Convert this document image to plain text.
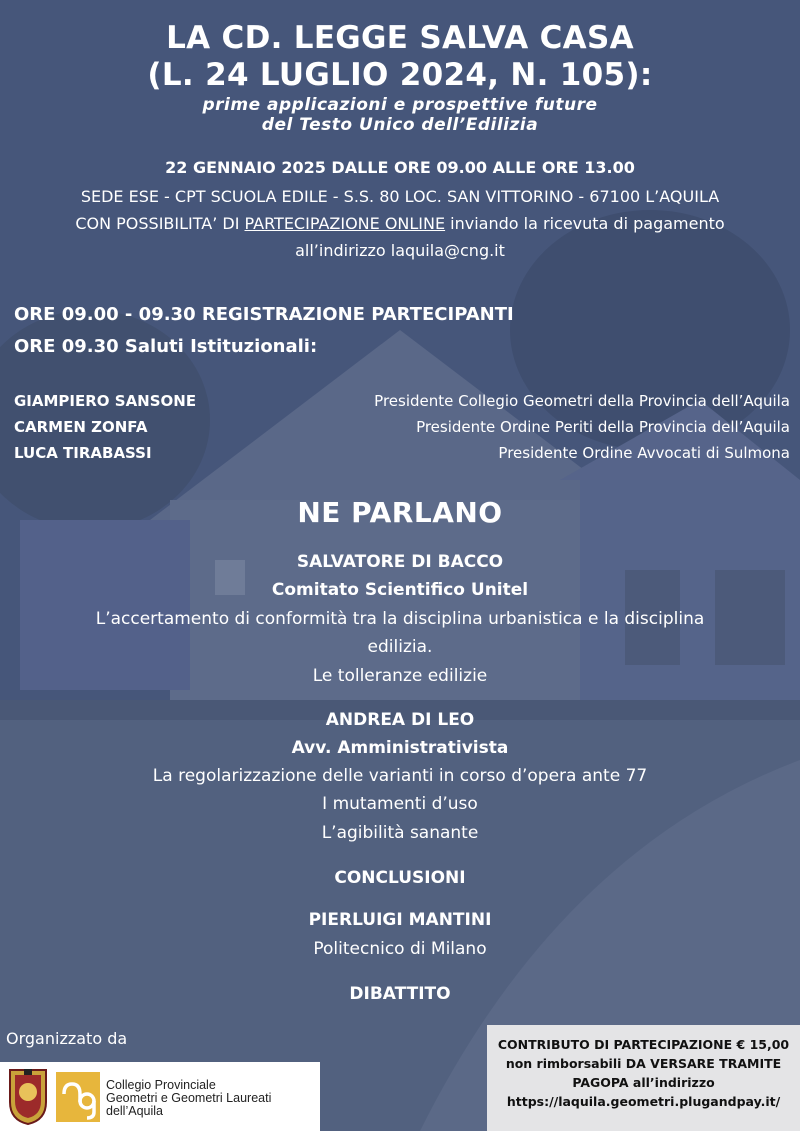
LA CD. LEGGE SALVA CASA
(L. 24 LUGLIO 2024, N. 105):
prime applicazioni e prospettive future
del Testo Unico dell’Edilizia
22 GENNAIO 2025 DALLE ORE 09.00 ALLE ORE 13.00
SEDE ESE - CPT SCUOLA EDILE - S.S. 80 LOC. SAN VITTORINO - 67100 L’AQUILA
CON POSSIBILITA’ DI PARTECIPAZIONE ONLINE inviando la ricevuta di pagamento
all’indirizzo laquila@cng.it
ORE 09.00 - 09.30 REGISTRAZIONE PARTECIPANTI
ORE 09.30 Saluti Istituzionali:
GIAMPIERO SANSONE	Presidente Collegio Geometri della Provincia dell’Aquila
CARMEN ZONFA	Presidente Ordine Periti della Provincia dell’Aquila
LUCA TIRABASSI	Presidente Ordine Avvocati di Sulmona
NE PARLANO
SALVATORE DI BACCO
Comitato Scientifico Unitel
L’accertamento di conformità tra la disciplina urbanistica e la disciplina
edilizia.
Le tolleranze edilizie
ANDREA DI LEO
Avv. Amministrativista
La regolarizzazione delle varianti in corso d’opera ante 77
I mutamenti d’uso
L’agibilità sanante
CONCLUSIONI
PIERLUIGI MANTINI
Politecnico di Milano
DIBATTITO
Organizzato da
Collegio Provinciale
Geometri e Geometri Laureati
dell’Aquila
CONTRIBUTO DI PARTECIPAZIONE € 15,00
non rimborsabili DA VERSARE TRAMITE
PAGOPA all’indirizzo
https://laquila.geometri.plugandpay.it/
